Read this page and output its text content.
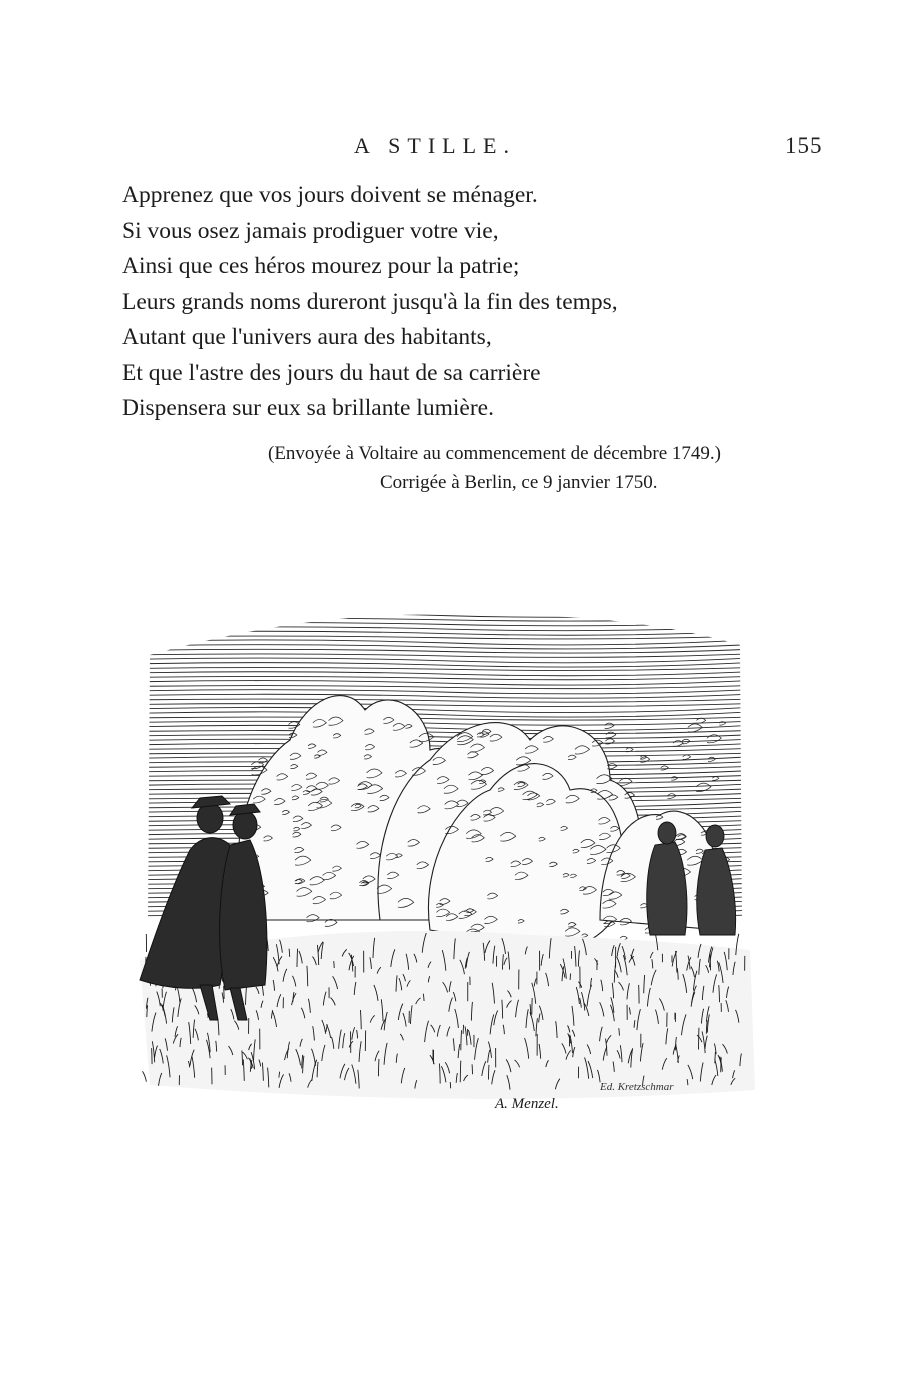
A STILLE.	155
Apprenez que vos jours doivent se ménager.
Si vous osez jamais prodiguer votre vie,
Ainsi que ces héros mourez pour la patrie;
Leurs grands noms dureront jusqu'à la fin des temps,
Autant que l'univers aura des habitants,
Et que l'astre des jours du haut de sa carrière
Dispensera sur eux sa brillante lumière.
(Envoyée à Voltaire au commencement de décembre 1749.)
Corrigée à Berlin, ce 9 janvier 1750.
A. Menzel.
Ed. Kretzschmar
